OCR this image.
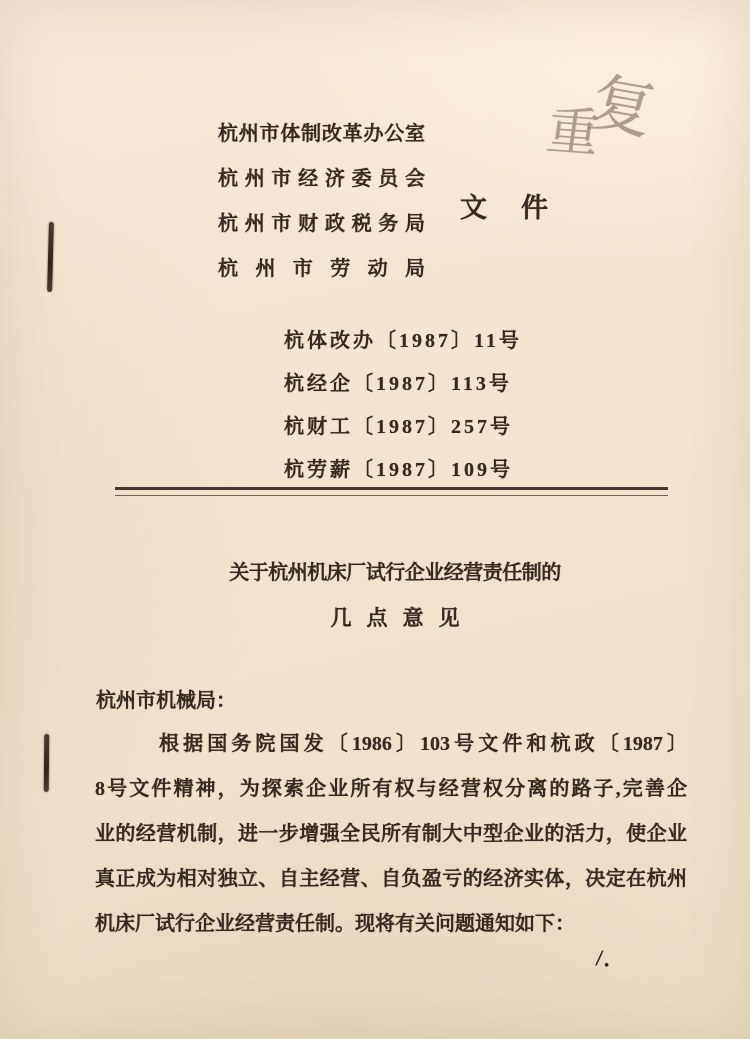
重
复
杭州市体制改革办公室
杭州市经济委员会
杭州市财政税务局
杭州市劳动局
文 件
杭体改办〔1987〕11号
杭经企〔1987〕113号
杭财工〔1987〕257号
杭劳薪〔1987〕109号
关于杭州机床厂试行企业经营责任制的
几点意见
杭州市机械局：
根据国务院国发〔1986〕103号文件和杭政〔1987〕
8号文件精神，为探索企业所有权与经营权分离的路子,完善企
业的经营机制，进一步增强全民所有制大中型企业的活力，使企业
真正成为相对独立、自主经营、自负盈亏的经济实体，决定在杭州
机床厂试行企业经营责任制。现将有关问题通知如下：
/.
